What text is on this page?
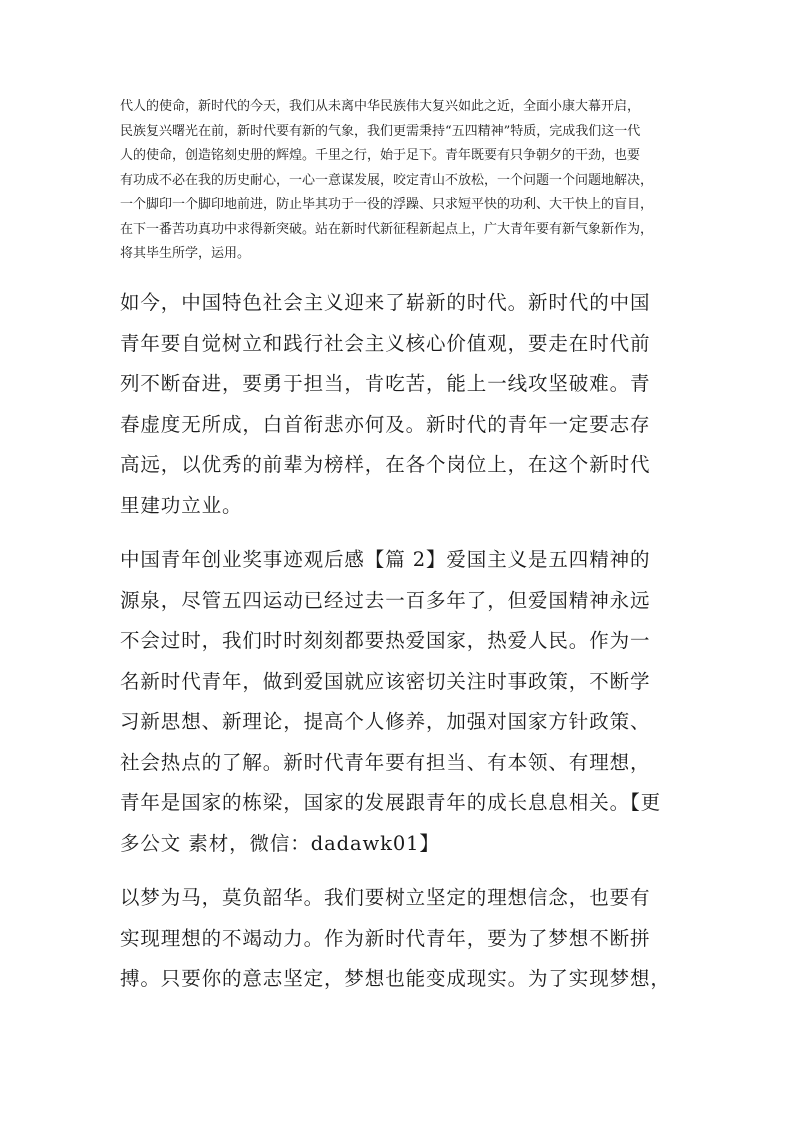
代人的使命，新时代的今天，我们从未离中华民族伟大复兴如此之近，全面小康大幕开启，
民族复兴曙光在前，新时代要有新的气象，我们更需秉持“五四精神”特质，完成我们这一代
人的使命，创造铭刻史册的辉煌。千里之行，始于足下。青年既要有只争朝夕的干劲，也要
有功成不必在我的历史耐心，一心一意谋发展，咬定青山不放松，一个问题一个问题地解决，
一个脚印一个脚印地前进，防止毕其功于一役的浮躁、只求短平快的功利、大干快上的盲目，
在下一番苦功真功中求得新突破。站在新时代新征程新起点上，广大青年要有新气象新作为，
将其毕生所学，运用。
如今，中国特色社会主义迎来了崭新的时代。新时代的中国
青年要自觉树立和践行社会主义核心价值观，要走在时代前
列不断奋进，要勇于担当，肯吃苦，能上一线攻坚破难。青
春虚度无所成，白首衔悲亦何及。新时代的青年一定要志存
高远，以优秀的前辈为榜样，在各个岗位上，在这个新时代
里建功立业。
中国青年创业奖事迹观后感【篇 2】爱国主义是五四精神的
源泉，尽管五四运动已经过去一百多年了，但爱国精神永远
不会过时，我们时时刻刻都要热爱国家，热爱人民。作为一
名新时代青年，做到爱国就应该密切关注时事政策，不断学
习新思想、新理论，提高个人修养，加强对国家方针政策、
社会热点的了解。新时代青年要有担当、有本领、有理想，
青年是国家的栋梁，国家的发展跟青年的成长息息相关。【更
多公文 素材，微信：dadawk01】
以梦为马，莫负韶华。我们要树立坚定的理想信念，也要有
实现理想的不竭动力。作为新时代青年，要为了梦想不断拼
搏。只要你的意志坚定，梦想也能变成现实。为了实现梦想，
